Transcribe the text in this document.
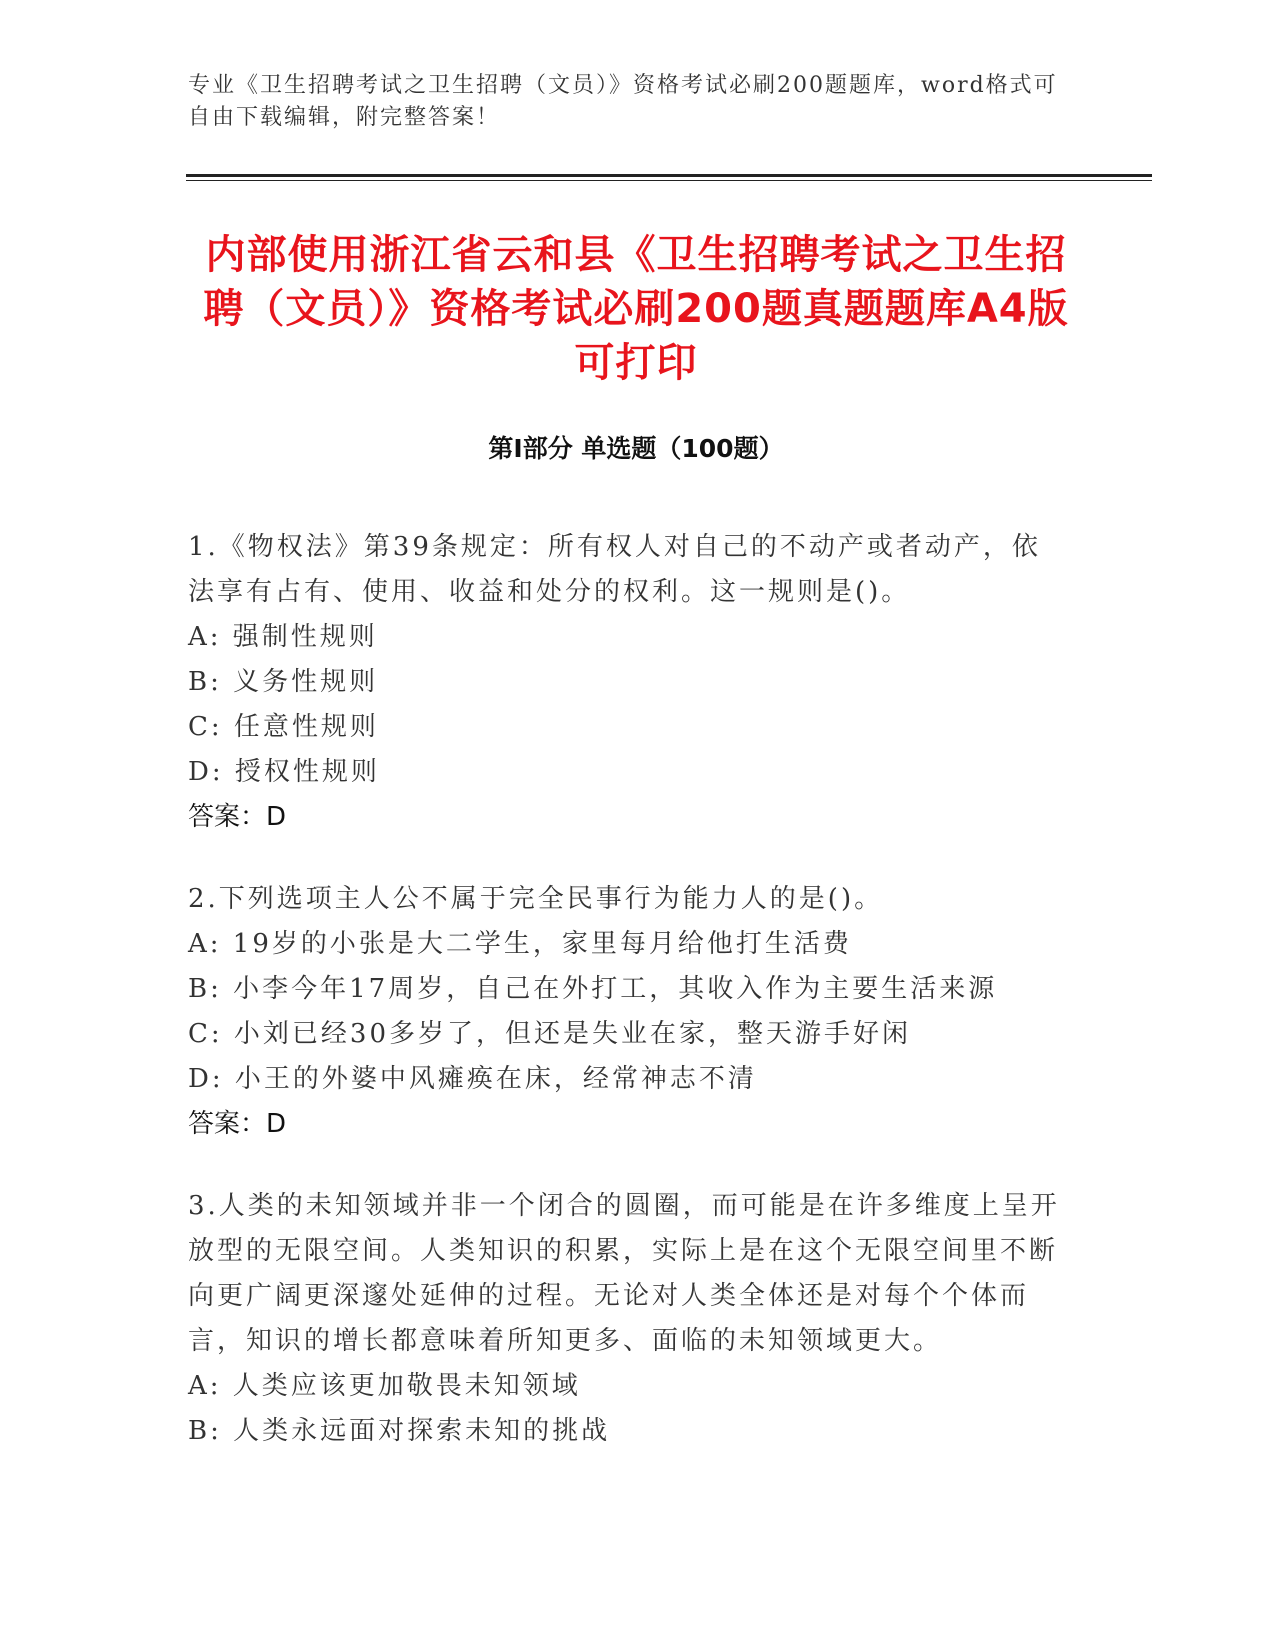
专业《卫生招聘考试之卫生招聘（文员）》资格考试必刷200题题库，word格式可自由下载编辑，附完整答案！
内部使用浙江省云和县《卫生招聘考试之卫生招聘（文员）》资格考试必刷200题真题题库A4版可打印
第Ⅰ部分 单选题（100题）
1.《物权法》第39条规定：所有权人对自己的不动产或者动产，依法享有占有、使用、收益和处分的权利。这一规则是()。
A: 强制性规则
B: 义务性规则
C: 任意性规则
D: 授权性规则
答案：D
2.下列选项主人公不属于完全民事行为能力人的是()。
A: 19岁的小张是大二学生，家里每月给他打生活费
B: 小李今年17周岁，自己在外打工，其收入作为主要生活来源
C: 小刘已经30多岁了，但还是失业在家，整天游手好闲
D: 小王的外婆中风瘫痪在床，经常神志不清
答案：D
3.人类的未知领域并非一个闭合的圆圈，而可能是在许多维度上呈开放型的无限空间。人类知识的积累，实际上是在这个无限空间里不断向更广阔更深邃处延伸的过程。无论对人类全体还是对每个个体而言，知识的增长都意味着所知更多、面临的未知领域更大。
A: 人类应该更加敬畏未知领域
B: 人类永远面对探索未知的挑战
